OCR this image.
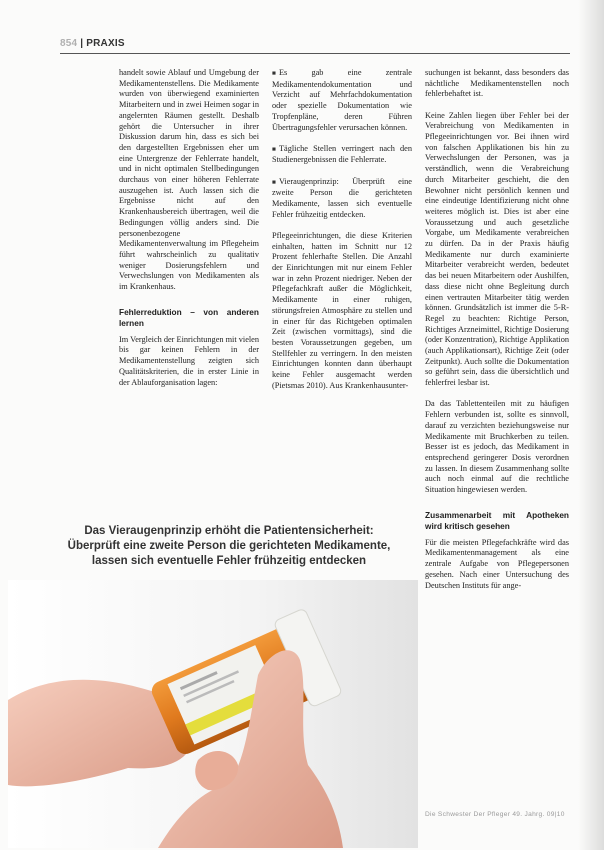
854 | PRAXIS

handelt sowie Ablauf und Umgebung der Medikamentenstellens. Die Medikamente wurden von überwiegend examinierten Mitarbeitern und in zwei Heimen sogar in angelernten Räumen gestellt. Deshalb gehört die Untersucher in ihrer Diskussion darum hin, dass es sich bei den dargestellten Ergebnissen eher um eine Untergrenze der Fehlerrate handelt, und in nicht optimalen Stellbedingungen durchaus von einer höheren Fehlerrate auszugehen ist. Auch lassen sich die Ergebnisse nicht auf den Krankenhausbereich übertragen, weil die Bedingungen völlig anders sind. Die personenbezogene Medikamentenverwaltung im Pflegeheim führt wahrscheinlich zu qualitativ weniger Dosierungsfehlern und Verwechslungen von Medikamenten als im Krankenhaus.

Fehlerreduktion – von anderen lernen

Im Vergleich der Einrichtungen mit vielen bis gar keinen Fehlern in der Medikamentenstellung zeigten sich Qualitätskriterien, die in erster Linie in der Ablauforganisation lagen:

■ Es gab eine zentrale Medikamentendokumentation und Verzicht auf Mehrfachdokumentation oder spezielle Dokumentation wie Tropfenpläne, deren Führen Übertragungsfehler verursachen können.

■ Tägliche Stellen verringert nach den Studienergebnissen die Fehlerrate.

■ Vieraugenprinzip: Überprüft eine zweite Person die gerichteten Medikamente, lassen sich eventuelle Fehler frühzeitig entdecken.

Pflegeeinrichtungen, die diese Kriterien einhalten, hatten im Schnitt nur 12 Prozent fehlerhafte Stellen. Die Anzahl der Einrichtungen mit nur einem Fehler war in zehn Prozent niedriger. Neben der Pflegefachkraft außer die Möglichkeit, Medikamente in einer ruhigen, störungsfreien Atmosphäre zu stellen und in einer für das Richtgeben optimalen Zeit (zwischen vormittags), sind die besten Voraussetzungen gegeben, um Stellfehler zu verringern. In den meisten Einrichtungen konnten dann überhaupt keine Fehler ausgemacht werden (Pietsmas 2010). Aus Krankenhausunter-

suchungen ist bekannt, dass besonders das nächtliche Medikamentenstellen noch fehlerbehaftet ist.

Keine Zahlen liegen über Fehler bei der Verabreichung von Medikamenten in Pflegeeinrichtungen vor. Bei ihnen wird von falschen Applikationen bis hin zu Verwechslungen der Personen, was ja verständlich, wenn die Verabreichung durch Mitarbeiter geschieht, die den Bewohner nicht persönlich kennen und eine eindeutige Identifizierung nicht ohne weiteres möglich ist. Dies ist aber eine Voraussetzung und auch gesetzliche Vorgabe, um Medikamente verabreichen zu dürfen. Da in der Praxis häufig Medikamente nur durch examinierte Mitarbeiter verabreicht werden, bedeutet das bei neuen Mitarbeitern oder Aushilfen, dass diese nicht ohne Begleitung durch einen vertrauten Mitarbeiter tätig werden können. Grundsätzlich ist immer die 5-R-Regel zu beachten: Richtige Person, Richtiges Arzneimittel, Richtige Dosierung (oder Konzentration), Richtige Applikation (auch Applikationsart), Richtige Zeit (oder Zeitpunkt). Auch sollte die Dokumentation so geführt sein, dass die übersichtlich und fehlerfrei lesbar ist.

Da das Tablettenteilen mit zu häufigen Fehlern verbunden ist, sollte es sinnvoll, darauf zu verzichten beziehungsweise nur Medikamente mit Bruchkerben zu teilen. Besser ist es jedoch, das Medikament in entsprechend geringerer Dosis verordnen zu lassen. In diesem Zusammenhang sollte auch noch einmal auf die rechtliche Situation hingewiesen werden.

Zusammenarbeit mit Apotheken wird kritisch gesehen

Für die meisten Pflegefachkräfte wird das Medikamentenmanagement als eine zentrale Aufgabe von Pflegepersonen gesehen. Nach einer Untersuchung des Deutschen Instituts für ange-

Das Vieraugenprinzip erhöht die Patientensicherheit:
Überprüft eine zweite Person die gerichteten Medikamente,
lassen sich eventuelle Fehler frühzeitig entdecken
Die Schwester Der Pfleger 49. Jahrg. 09|10
